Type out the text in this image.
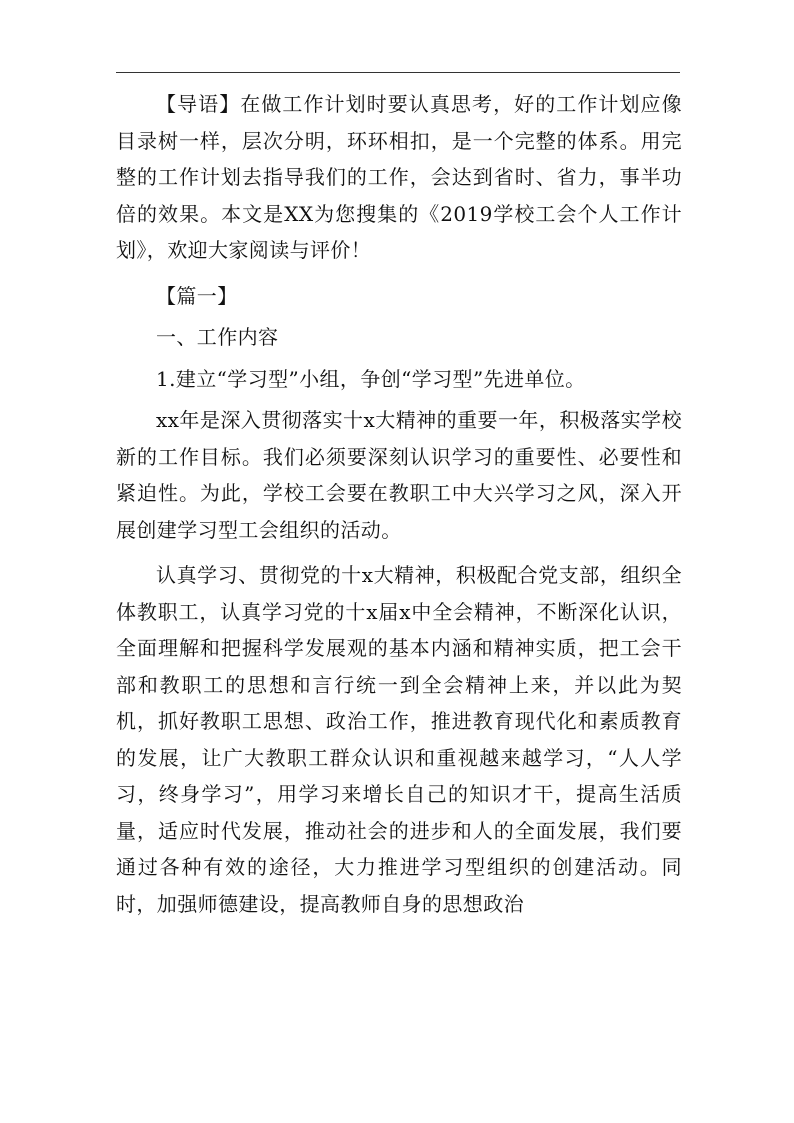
【导语】在做工作计划时要认真思考，好的工作计划应像目录树一样，层次分明，环环相扣，是一个完整的体系。用完整的工作计划去指导我们的工作，会达到省时、省力，事半功倍的效果。本文是XX为您搜集的《2019学校工会个人工作计划》，欢迎大家阅读与评价！

【篇一】

一、工作内容

1.建立“学习型”小组，争创“学习型”先进单位。

xx年是深入贯彻落实十x大精神的重要一年，积极落实学校新的工作目标。我们必须要深刻认识学习的重要性、必要性和紧迫性。为此，学校工会要在教职工中大兴学习之风，深入开展创建学习型工会组织的活动。

认真学习、贯彻党的十x大精神，积极配合党支部，组织全体教职工，认真学习党的十x届x中全会精神，不断深化认识，全面理解和把握科学发展观的基本内涵和精神实质，把工会干部和教职工的思想和言行统一到全会精神上来，并以此为契机，抓好教职工思想、政治工作，推进教育现代化和素质教育的发展，让广大教职工群众认识和重视越来越学习，“人人学习，终身学习”，用学习来增长自己的知识才干，提高生活质量，适应时代发展，推动社会的进步和人的全面发展，我们要通过各种有效的途径，大力推进学习型组织的创建活动。同时，加强师德建设，提高教师自身的思想政治
